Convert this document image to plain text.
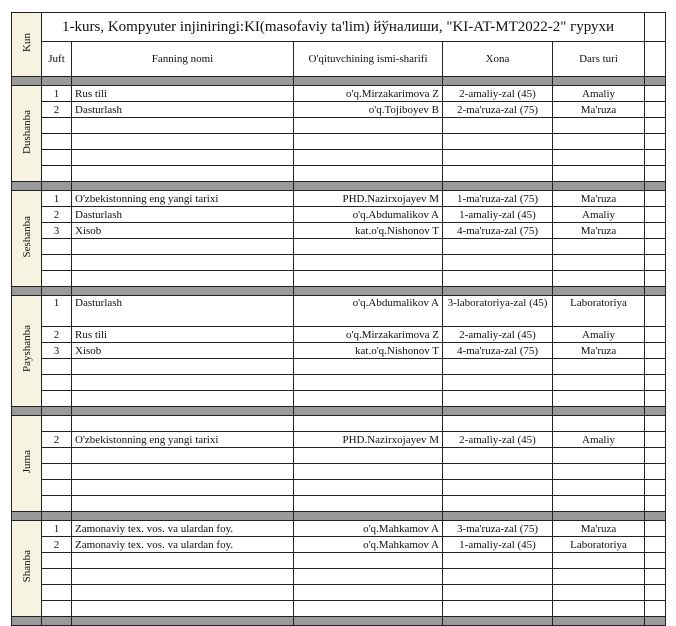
Kun	1-kurs, Kompyuter injiniringi:KI(masofaviy ta'lim) йўналиши, "KI-AT-MT2022-2" гурухи					
	Juft	Fanning nomi	O'qituvchining ismi-sharifi	Xona	Dars turi	

Dushanba	1	Rus tili	o'q.Mirzakarimova Z	2-amaliy-zal (45)	Amaliy	
	2	Dasturlash	o'q.Tojiboyev B	2-ma'ruza-zal (75)	Ma'ruza	

Seshanba	1	O'zbekistonning eng yangi tarixi	PHD.Nazirxojayev M	1-ma'ruza-zal (75)	Ma'ruza	
	2	Dasturlash	o'q.Abdumalikov A	1-amaliy-zal (45)	Amaliy	
	3	Xisob	kat.o'q.Nishonov T	4-ma'ruza-zal (75)	Ma'ruza	

Payshanba	1	Dasturlash	o'q.Abdumalikov A	3-laboratoriya-zal (45)	Laboratoriya	
	2	Rus tili	o'q.Mirzakarimova Z	2-amaliy-zal (45)	Amaliy	
	3	Xisob	kat.o'q.Nishonov T	4-ma'ruza-zal (75)	Ma'ruza	

Juma						
	2	O'zbekistonning eng yangi tarixi	PHD.Nazirxojayev M	2-amaliy-zal (45)	Amaliy	

Shanba	1	Zamonaviy tex. vos. va ulardan foy.	o'q.Mahkamov A	3-ma'ruza-zal (75)	Ma'ruza	
	2	Zamonaviy tex. vos. va ulardan foy.	o'q.Mahkamov A	1-amaliy-zal (45)	Laboratoriya	
